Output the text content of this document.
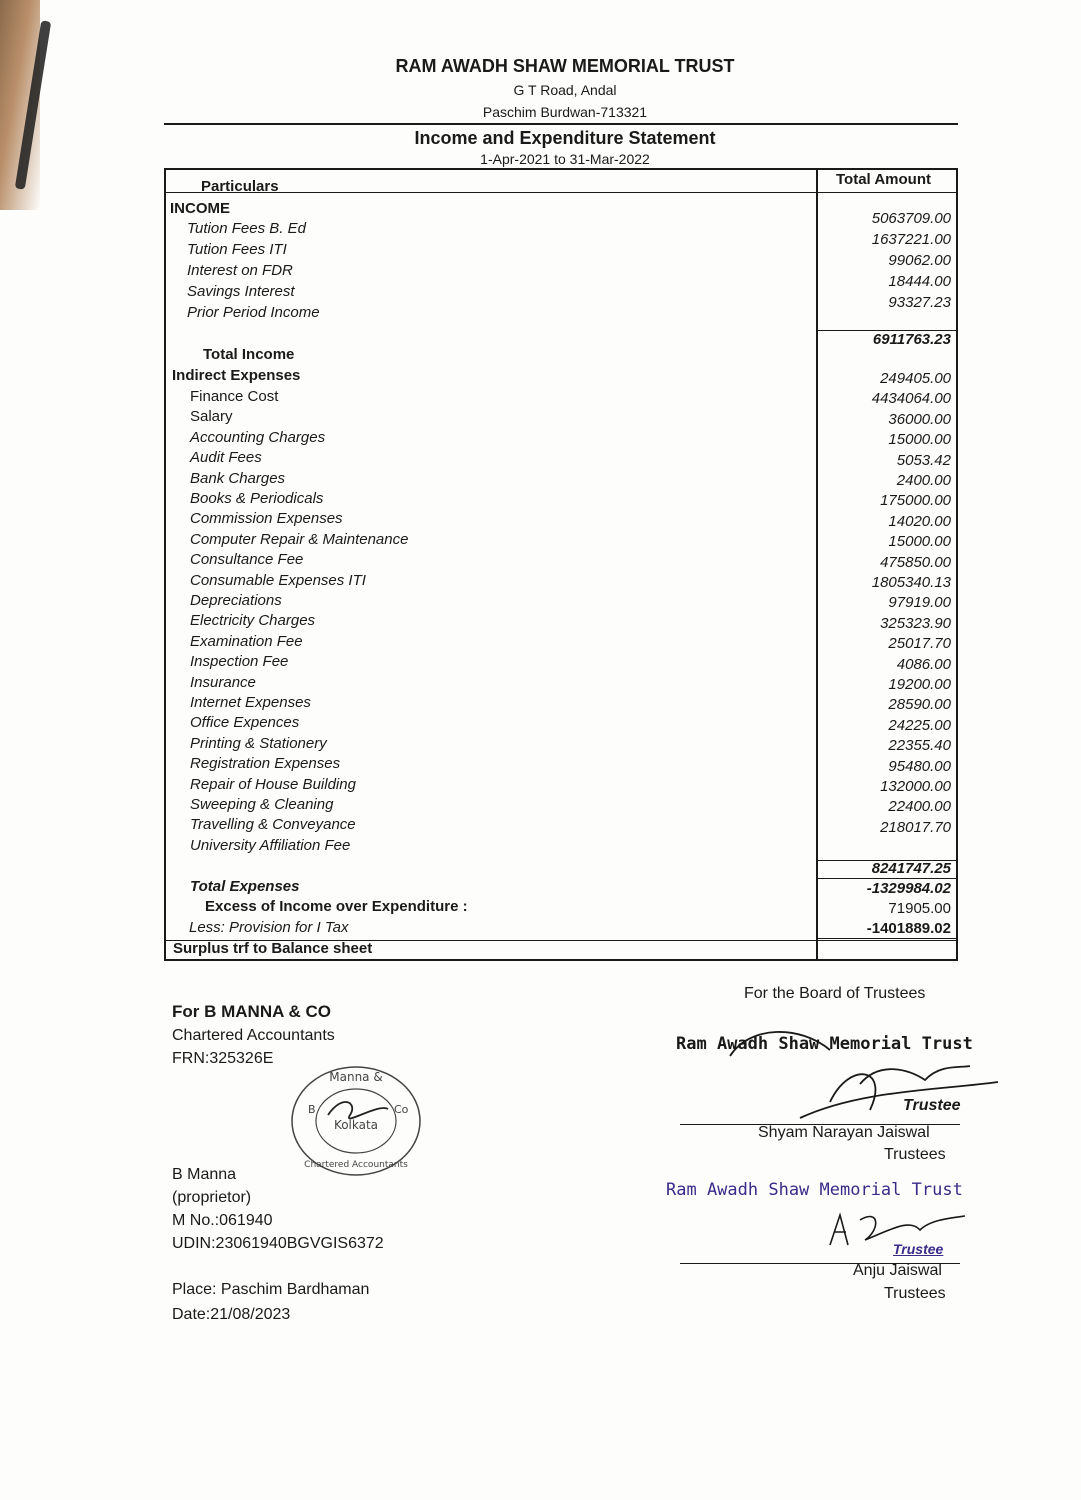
RAM AWADH SHAW MEMORIAL TRUST
G T Road, Andal
Paschim Burdwan-713321
Income and Expenditure Statement
1-Apr-2021 to 31-Mar-2022
Particulars	Total Amount
INCOME
Tution Fees B. Ed
Tution Fees ITI
Interest on FDR
Savings Interest
Prior Period Income
5063709.00
1637221.00
99062.00
18444.00
93327.23
Total Income
6911763.23
Indirect Expenses
Finance Cost
Salary
Accounting Charges
Audit Fees
Bank Charges
Books & Periodicals
Commission Expenses
Computer Repair & Maintenance
Consultance Fee
Consumable Expenses ITI
Depreciations
Electricity Charges
Examination Fee
Inspection Fee
Insurance
Internet Expenses
Office Expences
Printing & Stationery
Registration Expenses
Repair of House Building
Sweeping & Cleaning
Travelling & Conveyance
University Affiliation Fee
249405.00
4434064.00
36000.00
15000.00
5053.42
2400.00
175000.00
14020.00
15000.00
475850.00
1805340.13
97919.00
325323.90
25017.70
4086.00
19200.00
28590.00
24225.00
22355.40
95480.00
132000.00
22400.00
218017.70
Total Expenses
8241747.25
Excess of Income over Expenditure :
-1329984.02
Less: Provision for I Tax
71905.00
Surplus trf to Balance sheet
-1401889.02
For B MANNA & CO
Chartered Accountants
FRN:325326E
Manna &
B	Co
Kolkata
Chartered Accountants
B Manna
(proprietor)
M No.:061940
UDIN:23061940BGVGIS6372
Place: Paschim Bardhaman
Date:21/08/2023
For the Board of Trustees
Ram Awadh Shaw Memorial Trust
Trustee
Shyam Narayan Jaiswal
Trustees
Ram Awadh Shaw Memorial Trust
Trustee
Anju Jaiswal
Trustees
